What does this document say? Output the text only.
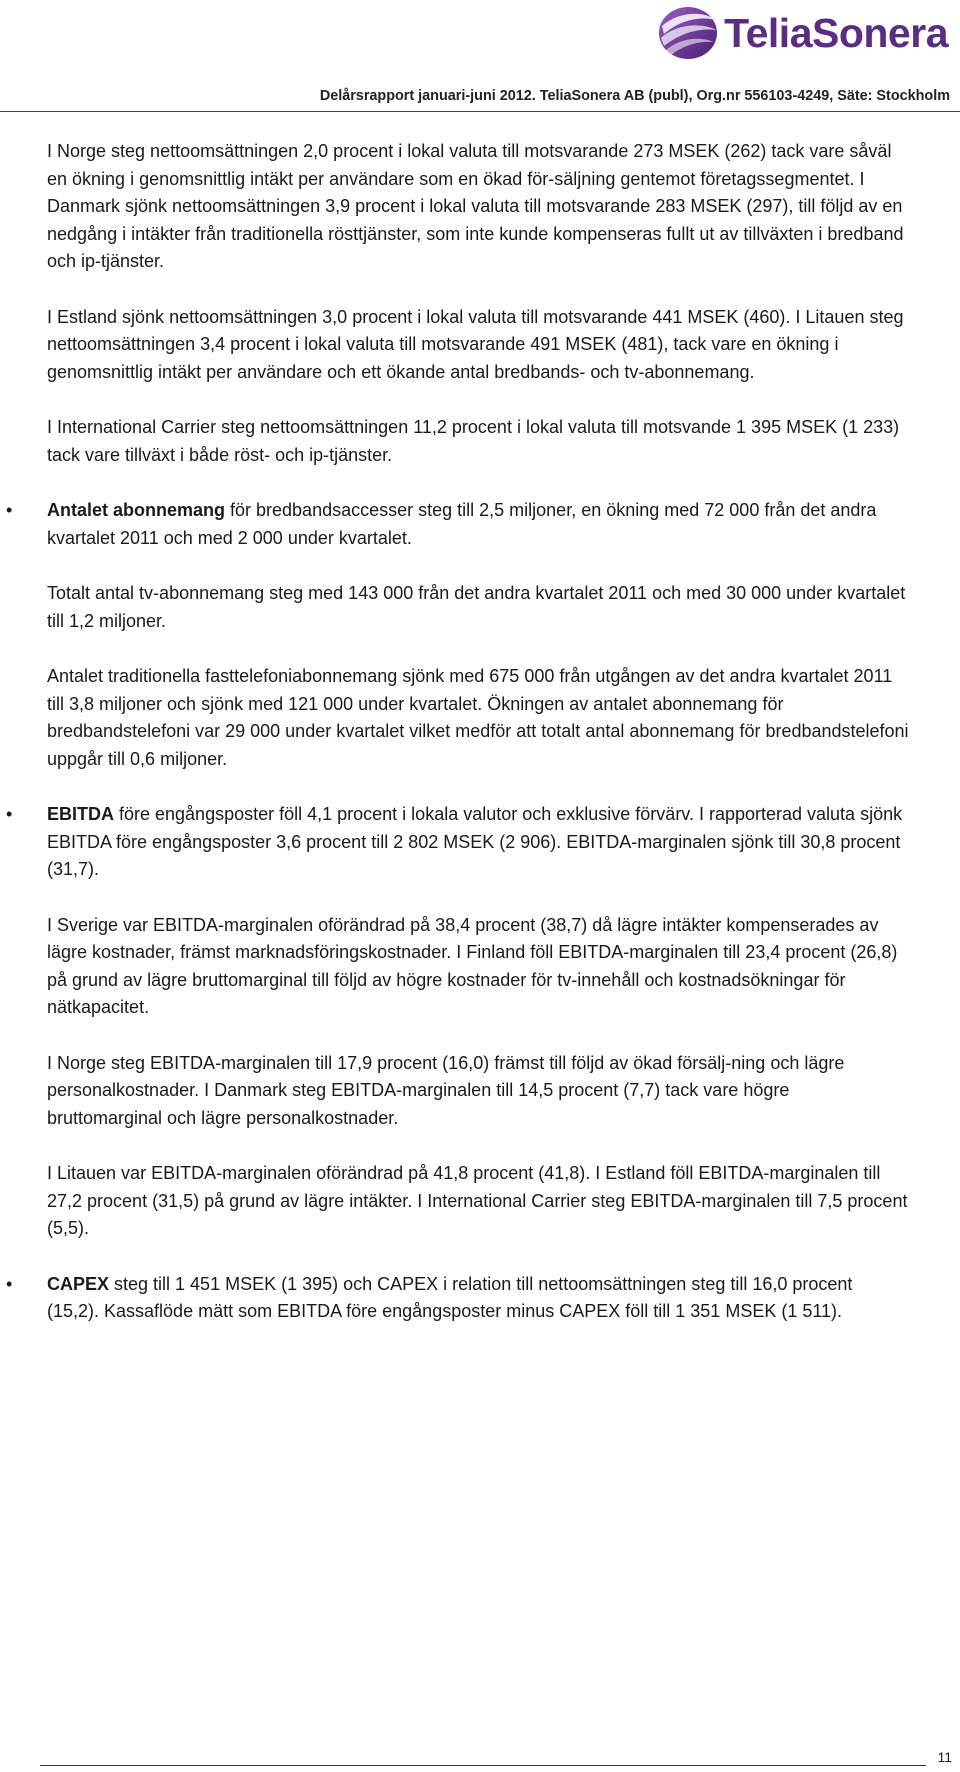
TeliaSonera
Delårsrapport januari-juni 2012. TeliaSonera AB (publ), Org.nr 556103-4249, Säte: Stockholm

I Norge steg nettoomsättningen 2,0 procent i lokal valuta till motsvarande 273 MSEK (262) tack vare såväl en ökning i genomsnittlig intäkt per användare som en ökad för-säljning gentemot företagssegmentet. I Danmark sjönk nettoomsättningen 3,9 procent i lokal valuta till motsvarande 283 MSEK (297), till följd av en nedgång i intäkter från traditionella rösttjänster, som inte kunde kompenseras fullt ut av tillväxten i bredband och ip-tjänster.

I Estland sjönk nettoomsättningen 3,0 procent i lokal valuta till motsvarande 441 MSEK (460). I Litauen steg nettoomsättningen 3,4 procent i lokal valuta till motsvarande 491 MSEK (481), tack vare en ökning i genomsnittlig intäkt per användare och ett ökande antal bredbands- och tv-abonnemang.

I International Carrier steg nettoomsättningen 11,2 procent i lokal valuta till motsvande 1 395 MSEK (1 233) tack vare tillväxt i både röst- och ip-tjänster.

• Antalet abonnemang för bredbandsaccesser steg till 2,5 miljoner, en ökning med 72 000 från det andra kvartalet 2011 och med 2 000 under kvartalet.

Totalt antal tv-abonnemang steg med 143 000 från det andra kvartalet 2011 och med 30 000 under kvartalet till 1,2 miljoner.

Antalet traditionella fasttelefoniabonnemang sjönk med 675 000 från utgången av det andra kvartalet 2011 till 3,8 miljoner och sjönk med 121 000 under kvartalet. Ökningen av antalet abonnemang för bredbandstelefoni var 29 000 under kvartalet vilket medför att totalt antal abonnemang för bredbandstelefoni uppgår till 0,6 miljoner.

• EBITDA före engångsposter föll 4,1 procent i lokala valutor och exklusive förvärv. I rapporterad valuta sjönk EBITDA före engångsposter 3,6 procent till 2 802 MSEK (2 906). EBITDA-marginalen sjönk till 30,8 procent (31,7).

I Sverige var EBITDA-marginalen oförändrad på 38,4 procent (38,7) då lägre intäkter kompenserades av lägre kostnader, främst marknadsföringskostnader. I Finland föll EBITDA-marginalen till 23,4 procent (26,8) på grund av lägre bruttomarginal till följd av högre kostnader för tv-innehåll och kostnadsökningar för nätkapacitet.

I Norge steg EBITDA-marginalen till 17,9 procent (16,0) främst till följd av ökad försälj-ning och lägre personalkostnader. I Danmark steg EBITDA-marginalen till 14,5 procent (7,7) tack vare högre bruttomarginal och lägre personalkostnader.

I Litauen var EBITDA-marginalen oförändrad på 41,8 procent (41,8). I Estland föll EBITDA-marginalen till 27,2 procent (31,5) på grund av lägre intäkter. I International Carrier steg EBITDA-marginalen till 7,5 procent (5,5).

• CAPEX steg till 1 451 MSEK (1 395) och CAPEX i relation till nettoomsättningen steg till 16,0 procent (15,2). Kassaflöde mätt som EBITDA före engångsposter minus CAPEX föll till 1 351 MSEK (1 511).

11
